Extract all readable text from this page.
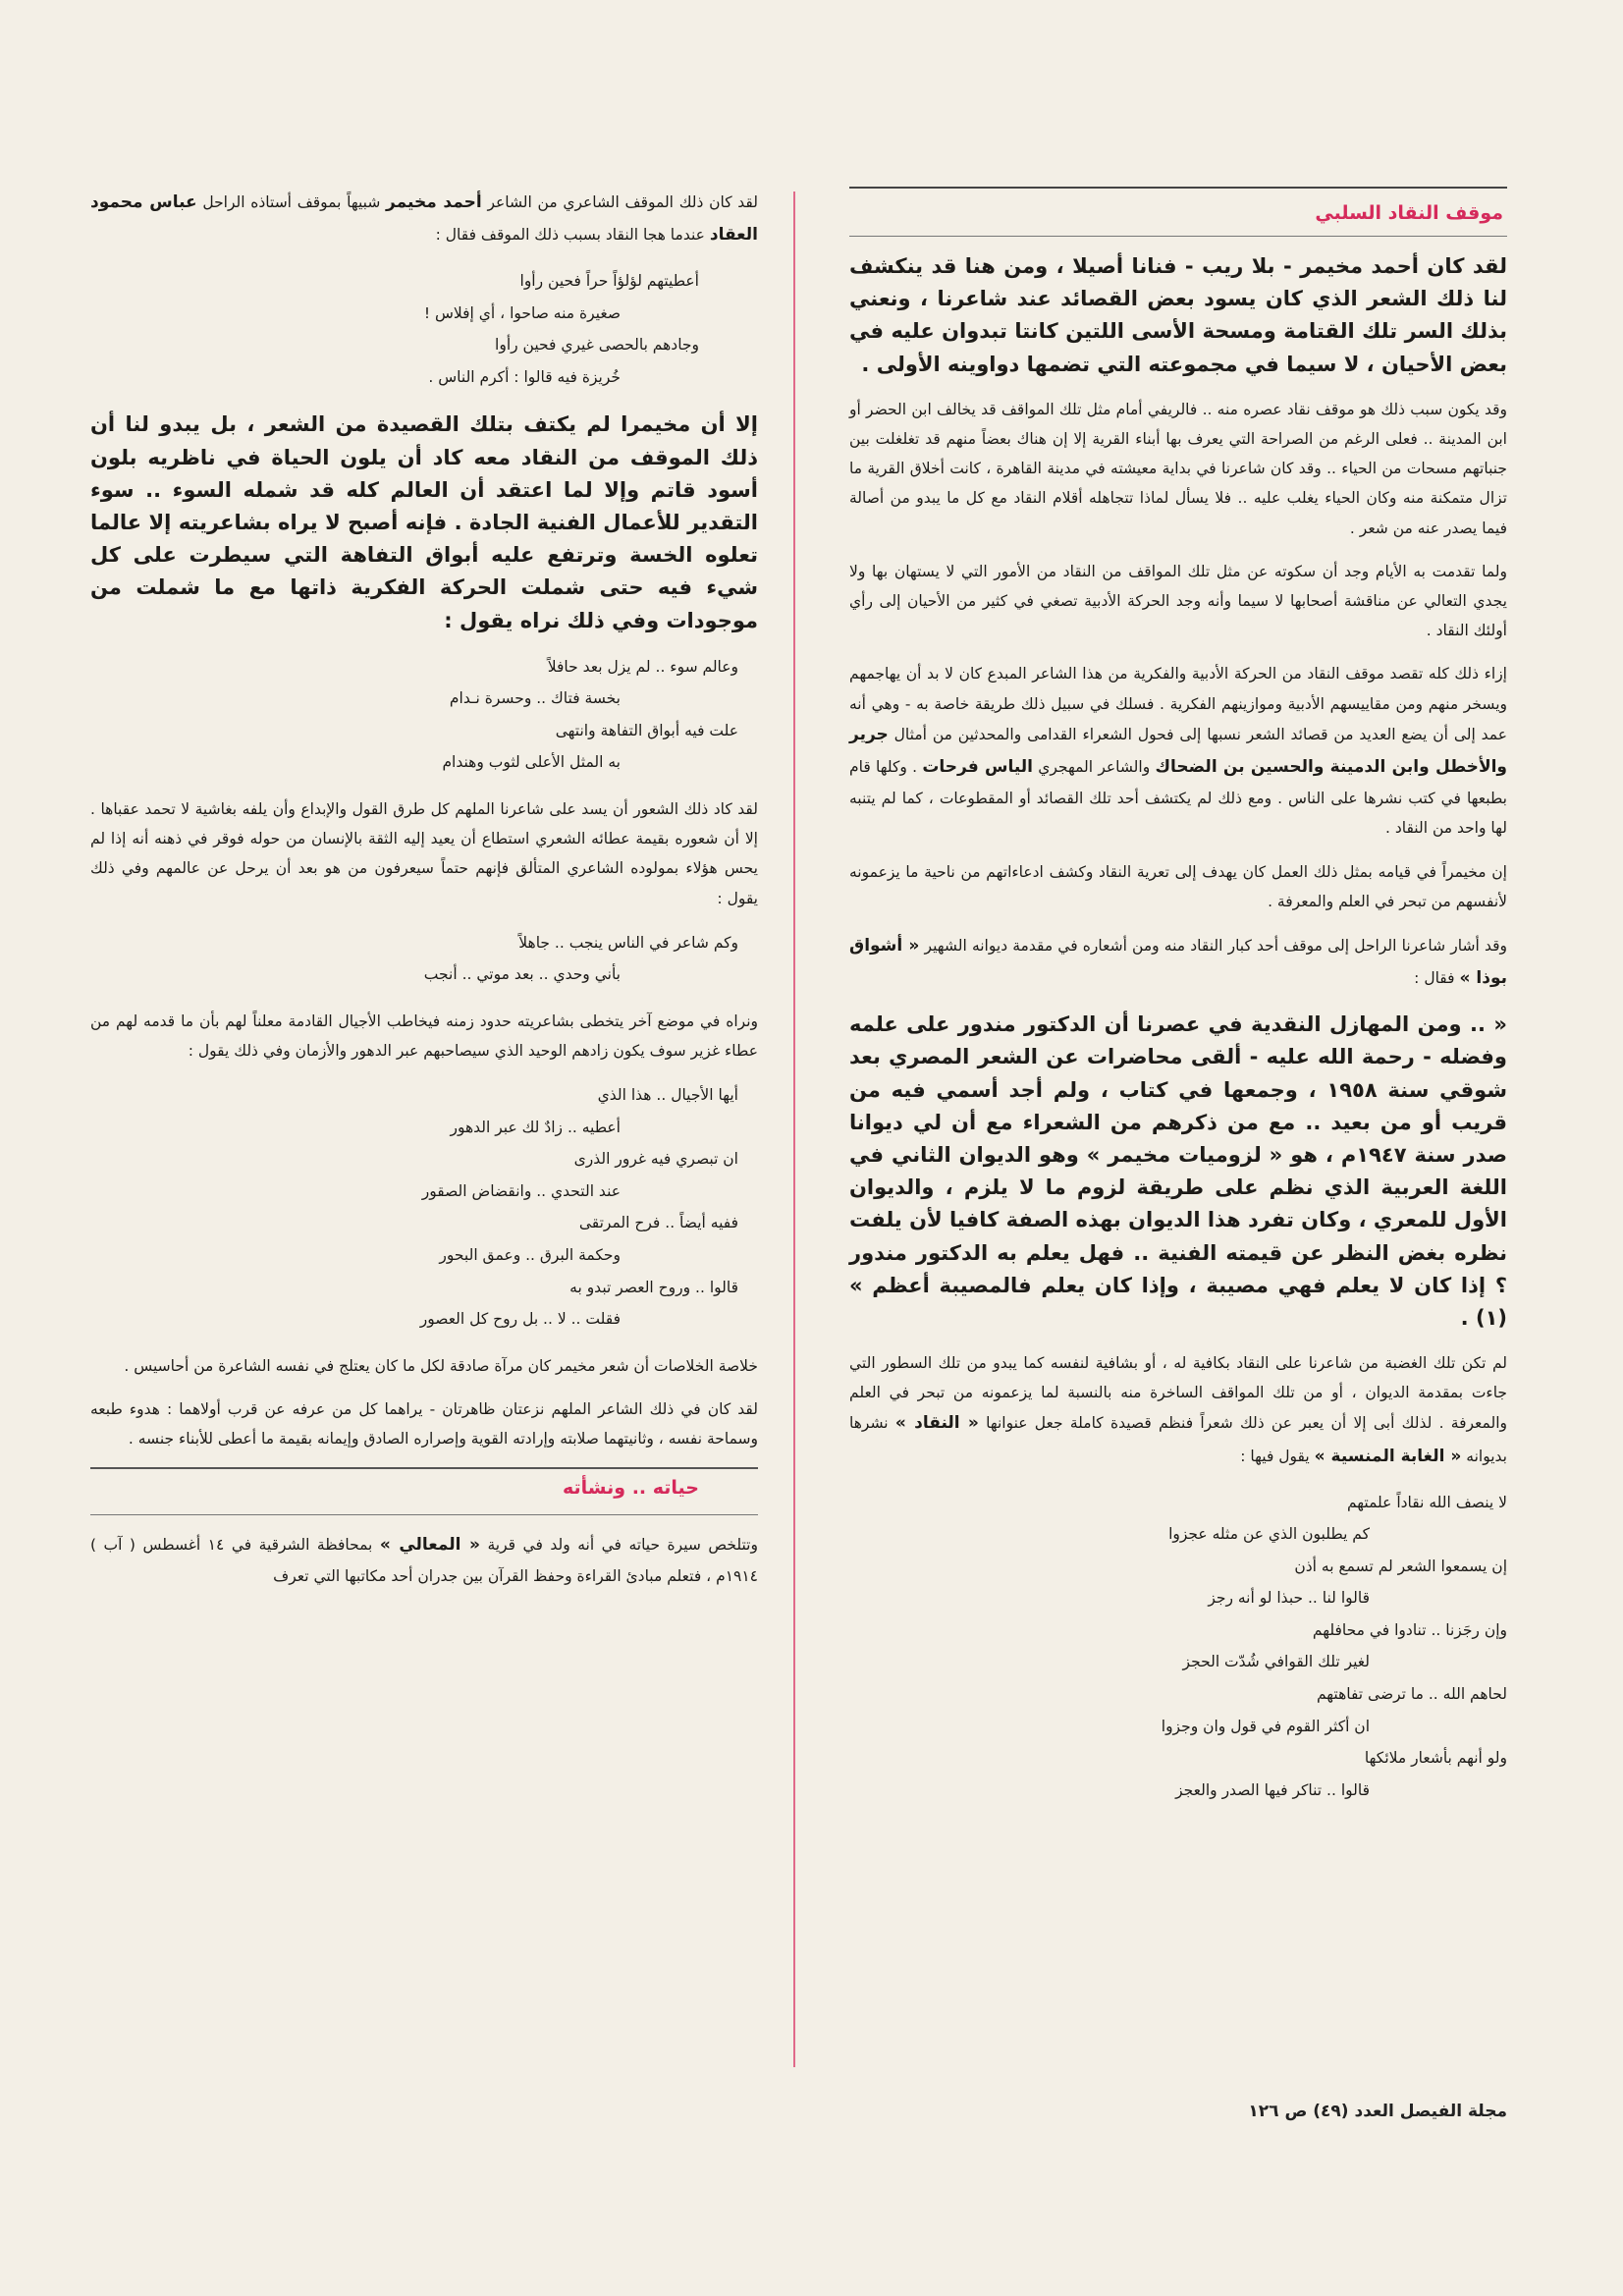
موقف النقاد السلبي

لقد كان أحمد مخيمر - بلا ريب - فنانا أصيلا ، ومن هنا قد ينكشف لنا ذلك الشعر الذي كان يسود بعض القصائد عند شاعرنا ، ونعني بذلك السر تلك القتامة ومسحة الأسى اللتين كانتا تبدوان عليه في بعض الأحيان ، لا سيما في مجموعته التي تضمها دواوينه الأولى .

وقد يكون سبب ذلك هو موقف نقاد عصره منه .. فالريفي أمام مثل تلك المواقف قد يخالف ابن الحضر أو ابن المدينة .. فعلى الرغم من الصراحة التي يعرف بها أبناء القرية إلا إن هناك بعضاً منهم قد تغلغلت بين جنباتهم مسحات من الحياء .. وقد كان شاعرنا في بداية معيشته في مدينة القاهرة ، كانت أخلاق القرية ما تزال متمكنة منه وكان الحياء يغلب عليه .. فلا يسأل لماذا تتجاهله أقلام النقاد مع كل ما يبدو من أصالة فيما يصدر عنه من شعر .

ولما تقدمت به الأيام وجد أن سكوته عن مثل تلك المواقف من النقاد من الأمور التي لا يستهان بها ولا يجدي التعالي عن مناقشة أصحابها لا سيما وأنه وجد الحركة الأدبية تصغي في كثير من الأحيان إلى رأي أولئك النقاد .

إزاء ذلك كله تقصد موقف النقاد من الحركة الأدبية والفكرية من هذا الشاعر المبدع كان لا بد أن يهاجمهم ويسخر منهم ومن مقاييسهم الأدبية وموازينهم الفكرية . فسلك في سبيل ذلك طريقة خاصة به - وهي أنه عمد إلى أن يضع العديد من قصائد الشعر نسبها إلى فحول الشعراء القدامى والمحدثين من أمثال جرير والأخطل وابن الدمينة والحسين بن الضحاك والشاعر المهجري الياس فرحات . وكلها قام بطبعها في كتب نشرها على الناس . ومع ذلك لم يكتشف أحد تلك القصائد أو المقطوعات ، كما لم يتنبه لها واحد من النقاد .

إن مخيمراً في قيامه بمثل ذلك العمل كان يهدف إلى تعرية النقاد وكشف ادعاءاتهم من ناحية ما يزعمونه لأنفسهم من تبحر في العلم والمعرفة .

وقد أشار شاعرنا الراحل إلى موقف أحد كبار النقاد منه ومن أشعاره في مقدمة ديوانه الشهير « أشواق بوذا » فقال :

« .. ومن المهازل النقدية في عصرنا أن الدكتور مندور على علمه وفضله - رحمة الله عليه - ألقى محاضرات عن الشعر المصري بعد شوقي سنة ١٩٥٨ ، وجمعها في كتاب ، ولم أجد أسمي فيه من قريب أو من بعيد .. مع من ذكرهم من الشعراء مع أن لي ديوانا صدر سنة ١٩٤٧م ، هو « لزوميات مخيمر » وهو الديوان الثاني في اللغة العربية الذي نظم على طريقة لزوم ما لا يلزم ، والديوان الأول للمعري ، وكان تفرد هذا الديوان بهذه الصفة كافيا لأن يلفت نظره بغض النظر عن قيمته الفنية .. فهل يعلم به الدكتور مندور ؟ إذا كان لا يعلم فهي مصيبة ، وإذا كان يعلم فالمصيبة أعظم » (١) .

لم تكن تلك الغضبة من شاعرنا على النقاد بكافية له ، أو بشافية لنفسه كما يبدو من تلك السطور التي جاءت بمقدمة الديوان ، أو من تلك المواقف الساخرة منه بالنسبة لما يزعمونه من تبحر في العلم والمعرفة . لذلك أبى إلا أن يعبر عن ذلك شعراً فنظم قصيدة كاملة جعل عنوانها « النقاد » نشرها بديوانه « الغابة المنسية » يقول فيها :

لا ينصف الله نقاداً علمتهم
كم يطلبون الذي عن مثله عجزوا
إن يسمعوا الشعر لم تسمع به أذن
قالوا لنا .. حبذا لو أنه رجز
وإن رجَزنا .. تنادوا في محافلهم
لغير تلك القوافي شُدّت الحجز
لحاهم الله .. ما ترضى تفاهتهم
ان أكثر القوم في قول وان وجزوا
ولو أنهم بأشعار ملائكها
قالوا .. تناكر فيها الصدر والعجز

لقد كان ذلك الموقف الشاعري من الشاعر أحمد مخيمر شبيهاً بموقف أستاذه الراحل عباس محمود العقاد عندما هجا النقاد بسبب ذلك الموقف فقال :

أعطيتهم لؤلؤاً حراً فحين رأوا
صغيرة منه صاحوا ، أي إفلاس !
وجادهم بالحصى غيري فحين رأوا
خُريزة فيه قالوا : أكرم الناس .

إلا أن مخيمرا لم يكتف بتلك القصيدة من الشعر ، بل يبدو لنا أن ذلك الموقف من النقاد معه كاد أن يلون الحياة في ناظريه بلون أسود قاتم وإلا لما اعتقد أن العالم كله قد شمله السوء .. سوء التقدير للأعمال الفنية الجادة . فإنه أصبح لا يراه بشاعريته إلا عالما تعلوه الخسة وترتفع عليه أبواق التفاهة التي سيطرت على كل شيء فيه حتى شملت الحركة الفكرية ذاتها مع ما شملت من موجودات وفي ذلك نراه يقول :

وعالم سوء .. لم يزل بعد حافلاً
بخسة فتاك .. وحسرة نـدام
علت فيه أبواق التفاهة وانتهى
به المثل الأعلى لثوب وهندام

لقد كاد ذلك الشعور أن يسد على شاعرنا الملهم كل طرق القول والإبداع وأن يلفه بغاشية لا تحمد عقباها . إلا أن شعوره بقيمة عطائه الشعري استطاع أن يعيد إليه الثقة بالإنسان من حوله فوقر في ذهنه أنه إذا لم يحس هؤلاء بمولوده الشاعري المتألق فإنهم حتماً سيعرفون من هو بعد أن يرحل عن عالمهم وفي ذلك يقول :

وكم شاعر في الناس ينجب .. جاهلاً
بأني وحدي .. بعد موتي .. أنجب

ونراه في موضع آخر يتخطى بشاعريته حدود زمنه فيخاطب الأجيال القادمة معلناً لهم بأن ما قدمه لهم من عطاء غزير سوف يكون زادهم الوحيد الذي سيصاحبهم عبر الدهور والأزمان وفي ذلك يقول :

أيها الأجيال .. هذا الذي
أعطيه .. زادٌ لك عبر الدهور
ان تبصري فيه غرور الذرى
عند التحدي .. وانقضاض الصقور
ففيه أيضاً .. فرح المرتقى
وحكمة البرق .. وعمق البحور
قالوا .. وروح العصر تبدو به
فقلت .. لا .. بل روح كل العصور

خلاصة الخلاصات أن شعر مخيمر كان مرآة صادقة لكل ما كان يعتلج في نفسه الشاعرة من أحاسيس .

لقد كان في ذلك الشاعر الملهم نزعتان ظاهرتان - يراهما كل من عرفه عن قرب أولاهما : هدوء طبعه وسماحة نفسه ، وثانيتهما صلابته وإرادته القوية وإصراره الصادق وإيمانه بقيمة ما أعطى للأبناء جنسه .

حياته .. ونشأته

وتتلخص سيرة حياته في أنه ولد في قرية « المعالي » بمحافظة الشرقية في ١٤ أغسطس ( آب ) ١٩١٤م ، فتعلم مبادئ القراءة وحفظ القرآن بين جدران أحد مكاتبها التي تعرف

مجلة الفيصل العدد (٤٩) ص ١٢٦
